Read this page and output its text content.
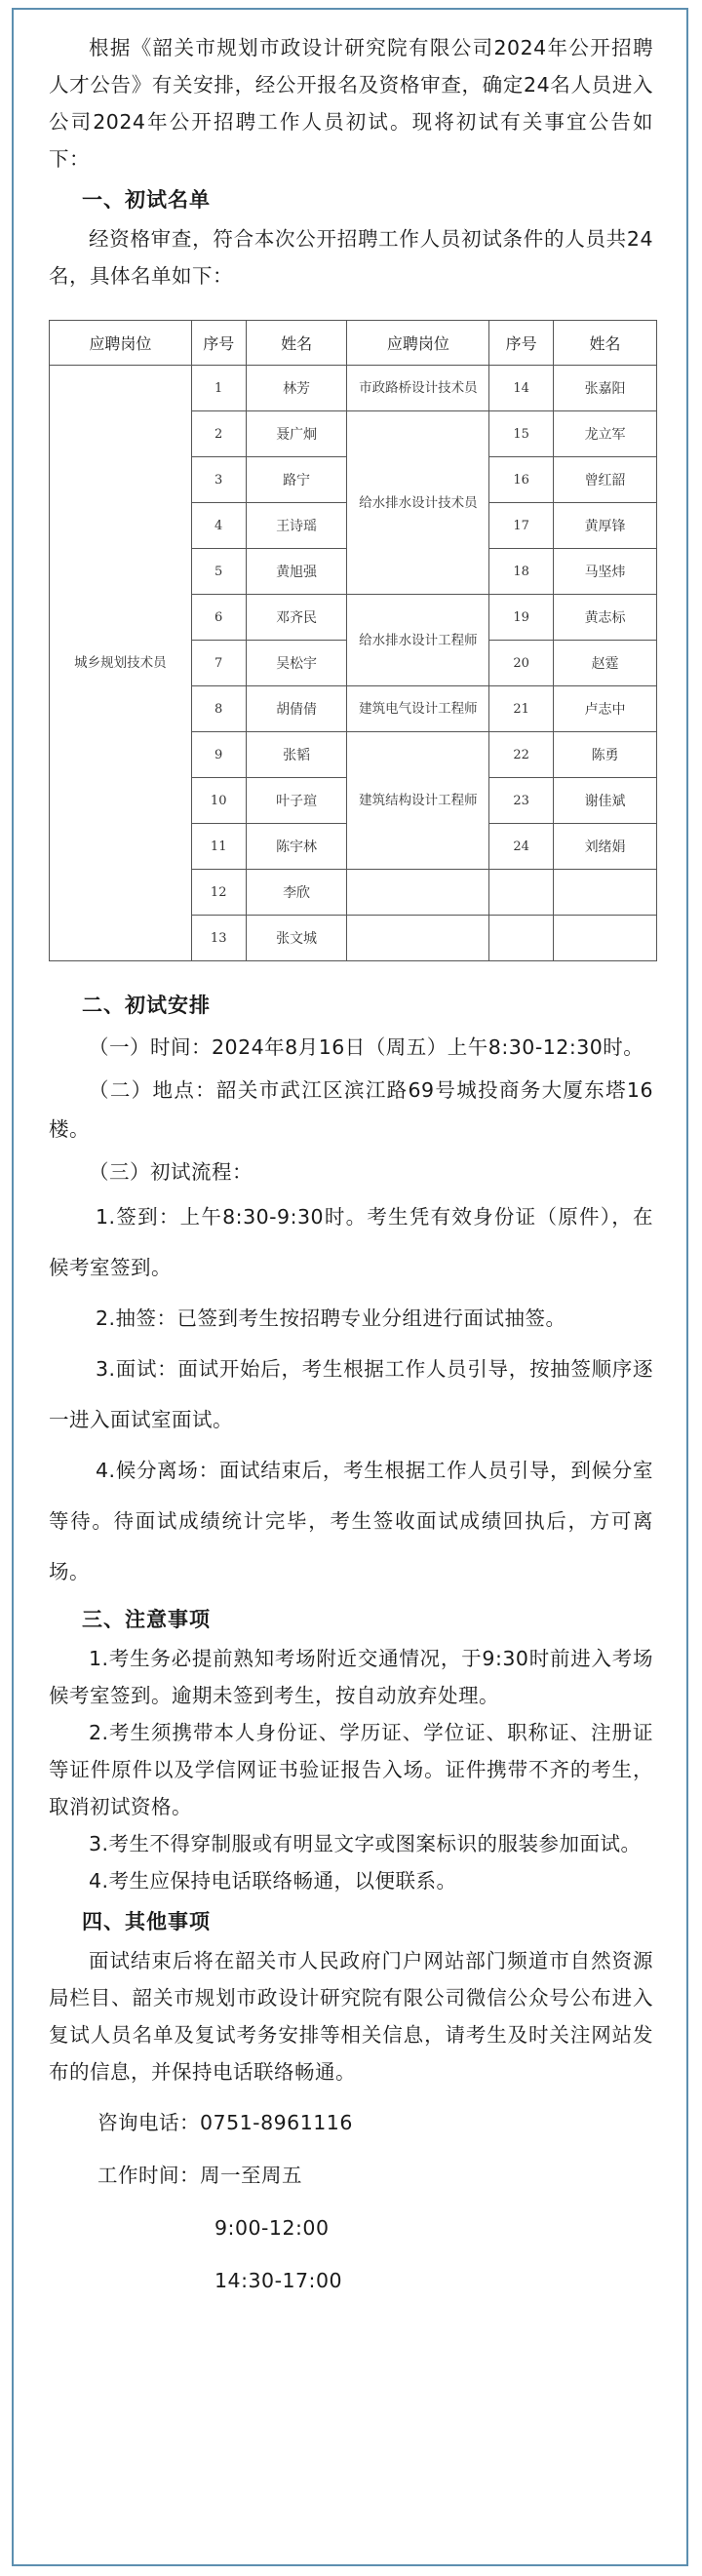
根据《韶关市规划市政设计研究院有限公司2024年公开招聘人才公告》有关安排，经公开报名及资格审查，确定24名人员进入公司2024年公开招聘工作人员初试。现将初试有关事宜公告如下：

一、初试名单

经资格审查，符合本次公开招聘工作人员初试条件的人员共24名，具体名单如下：

应聘岗位	序号	姓名	应聘岗位	序号	姓名
城乡规划技术员	1	林芳	市政路桥设计技术员	14	张嘉阳
	2	聂广炯	给水排水设计技术员	15	龙立军
	3	路宁		16	曾红韶
	4	王诗瑶		17	黄厚锋
	5	黄旭强		18	马坚炜
	6	邓齐民	给水排水设计工程师	19	黄志标
	7	吴松宇		20	赵霆
	8	胡倩倩	建筑电气设计工程师	21	卢志中
	9	张韬	建筑结构设计工程师	22	陈勇
	10	叶子瑄		23	谢佳斌
	11	陈宇林		24	刘绪娟
	12	李欣			
	13	张文城			
二、初试安排

（一）时间：2024年8月16日（周五）上午8:30-12:30时。

（二）地点：韶关市武江区滨江路69号城投商务大厦东塔16楼。

（三）初试流程：

1.签到：上午8:30-9:30时。考生凭有效身份证（原件），在候考室签到。

2.抽签：已签到考生按招聘专业分组进行面试抽签。

3.面试：面试开始后，考生根据工作人员引导，按抽签顺序逐一进入面试室面试。

4.候分离场：面试结束后，考生根据工作人员引导，到候分室等待。待面试成绩统计完毕，考生签收面试成绩回执后，方可离场。

三、注意事项

1.考生务必提前熟知考场附近交通情况，于9:30时前进入考场候考室签到。逾期未签到考生，按自动放弃处理。

2.考生须携带本人身份证、学历证、学位证、职称证、注册证等证件原件以及学信网证书验证报告入场。证件携带不齐的考生，取消初试资格。

3.考生不得穿制服或有明显文字或图案标识的服装参加面试。

4.考生应保持电话联络畅通，以便联系。

四、其他事项

面试结束后将在韶关市人民政府门户网站部门频道市自然资源局栏目、韶关市规划市政设计研究院有限公司微信公众号公布进入复试人员名单及复试考务安排等相关信息，请考生及时关注网站发布的信息，并保持电话联络畅通。

咨询电话：0751-8961116

工作时间：周一至周五

9:00-12:00

14:30-17:00
